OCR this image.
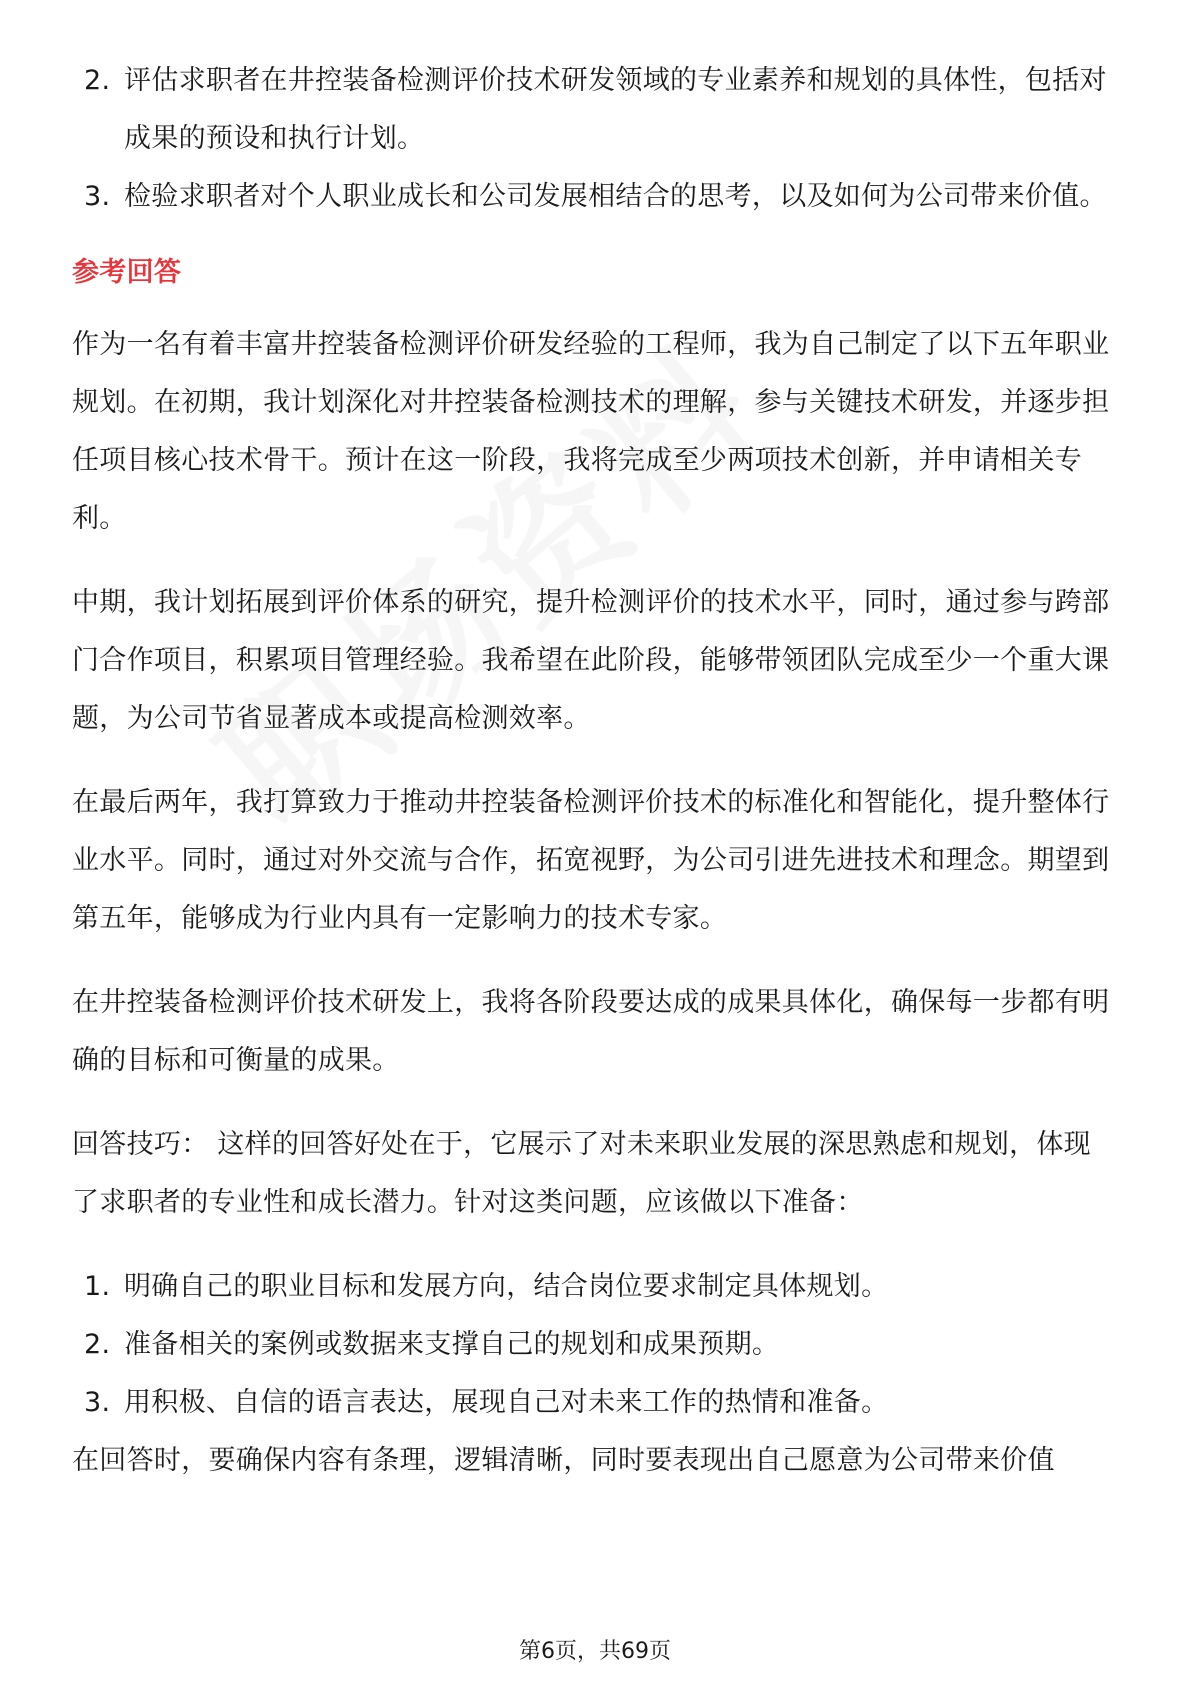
2. 评估求职者在井控装备检测评价技术研发领域的专业素养和规划的具体性，包括对成果的预设和执行计划。
3. 检验求职者对个人职业成长和公司发展相结合的思考，以及如何为公司带来价值。
参考回答

作为一名有着丰富井控装备检测评价研发经验的工程师，我为自己制定了以下五年职业规划。在初期，我计划深化对井控装备检测技术的理解，参与关键技术研发，并逐步担任项目核心技术骨干。预计在这一阶段，我将完成至少两项技术创新，并申请相关专利。

中期，我计划拓展到评价体系的研究，提升检测评价的技术水平，同时，通过参与跨部门合作项目，积累项目管理经验。我希望在此阶段，能够带领团队完成至少一个重大课题，为公司节省显著成本或提高检测效率。

在最后两年，我打算致力于推动井控装备检测评价技术的标准化和智能化，提升整体行业水平。同时，通过对外交流与合作，拓宽视野，为公司引进先进技术和理念。期望到第五年，能够成为行业内具有一定影响力的技术专家。

在井控装备检测评价技术研发上，我将各阶段要达成的成果具体化，确保每一步都有明确的目标和可衡量的成果。

回答技巧： 这样的回答好处在于，它展示了对未来职业发展的深思熟虑和规划，体现了求职者的专业性和成长潜力。针对这类问题，应该做以下准备：

1. 明确自己的职业目标和发展方向，结合岗位要求制定具体规划。
2. 准备相关的案例或数据来支撑自己的规划和成果预期。
3. 用积极、自信的语言表达，展现自己对未来工作的热情和准备。

在回答时，要确保内容有条理，逻辑清晰，同时要表现出自己愿意为公司带来价值

第6页，共69页
